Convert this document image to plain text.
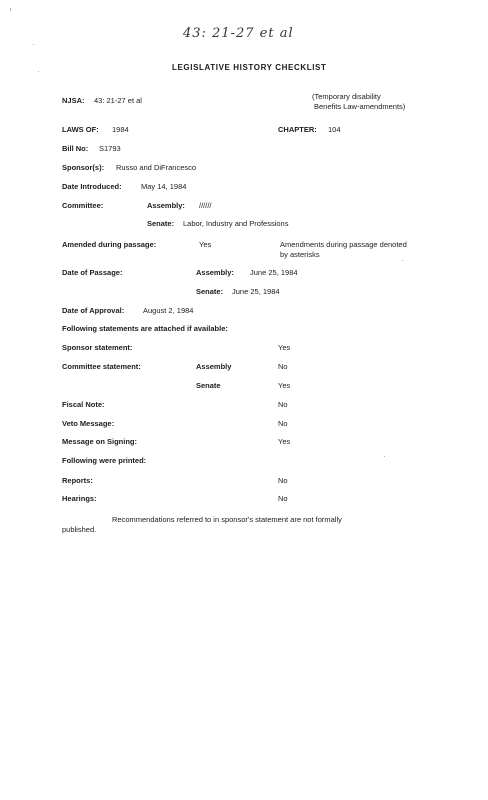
43: 21-27 et al
LEGISLATIVE HISTORY CHECKLIST
NJSA: 43: 21-27 et al	(Temporary disability
Benefits Law-amendments)
LAWS OF: 1984	CHAPTER: 104
Bill No: S1793
Sponsor(s): Russo and DiFrancesco
Date Introduced:	May 14, 1984
Committee:	Assembly: //////
Senate: Labor, Industry and Professions
Amended during passage:	Yes	Amendments during passage denoted
by asterisks
Date of Passage:	Assembly: June 25, 1984
Senate: June 25, 1984
Date of Approval:	August 2, 1984
Following statements are attached if available:
Sponsor statement:	Yes
Committee statement:	Assembly	No
Senate	Yes
Fiscal Note:	No
Veto Message:	No
Message on Signing:	Yes
Following were printed:
Reports:	No
Hearings:	No
Recommendations referred to in sponsor's statement are not formally
published.
